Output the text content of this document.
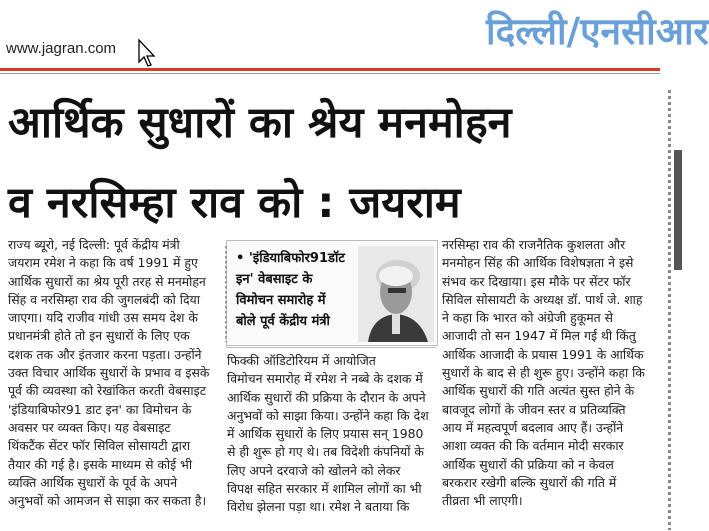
www.jagran.com	दिल्ली/एनसीआर
आर्थिक सुधारों का श्रेय मनमोहन
व नरसिम्हा राव को : जयराम
राज्य ब्यूरो, नई दिल्ली: पूर्व केंद्रीय मंत्री
जयराम रमेश ने कहा कि वर्ष 1991 में हुए
आर्थिक सुधारों का श्रेय पूरी तरह से मनमोहन
सिंह व नरसिम्हा राव की जुगलबंदी को दिया
जाएगा। यदि राजीव गांधी उस समय देश के
प्रधानमंत्री होते तो इन सुधारों के लिए एक
दशक तक और इंतजार करना पड़ता। उन्होंने
उक्त विचार आर्थिक सुधारों के प्रभाव व इसके
पूर्व की व्यवस्था को रेखांकित करती वेबसाइट
'इंडियाबिफोर91 डाट इन' का विमोचन के
अवसर पर व्यक्त किए। यह वेबसाइट
थिंकटैंक सेंटर फॉर सिविल सोसायटी द्वारा
तैयार की गई है। इसके माध्यम से कोई भी
व्यक्ति आर्थिक सुधारों के पूर्व के अपने
अनुभवों को आमजन से साझा कर सकता है।
• 'इंडियाबिफोर91डॉट
इन' वेबसाइट के
विमोचन समारोह में
बोले पूर्व केंद्रीय मंत्री
फिक्की ऑडिटोरियम में आयोजित
विमोचन समारोह में रमेश ने नब्बे के दशक में
आर्थिक सुधारों की प्रक्रिया के दौरान के अपने
अनुभवों को साझा किया। उन्होंने कहा कि देश
में आर्थिक सुधारों के लिए प्रयास सन् 1980
से ही शुरू हो गए थे। तब विदेशी कंपनियों के
लिए अपने दरवाजे को खोलने को लेकर
विपक्ष सहित सरकार में शामिल लोगों का भी
विरोध झेलना पड़ा था। रमेश ने बताया कि
नरसिम्हा राव की राजनैतिक कुशलता और
मनमोहन सिंह की आर्थिक विशेषज्ञता ने इसे
संभव कर दिखाया। इस मौके पर सेंटर फॉर
सिविल सोसायटी के अध्यक्ष डॉ. पार्थ जे. शाह
ने कहा कि भारत को अंग्रेजी हुकूमत से
आजादी तो सन 1947 में मिल गई थी किंतु
आर्थिक आजादी के प्रयास 1991 के आर्थिक
सुधारों के बाद से ही शुरू हुए। उन्होंने कहा कि
आर्थिक सुधारों की गति अत्यंत सुस्त होने के
बावजूद लोगों के जीवन स्तर व प्रतिव्यक्ति
आय में महत्वपूर्ण बदलाव आए हैं। उन्होंने
आशा व्यक्त की कि वर्तमान मोदी सरकार
आर्थिक सुधारों की प्रक्रिया को न केवल
बरकरार रखेगी बल्कि सुधारों की गति में
तीव्रता भी लाएगी।
